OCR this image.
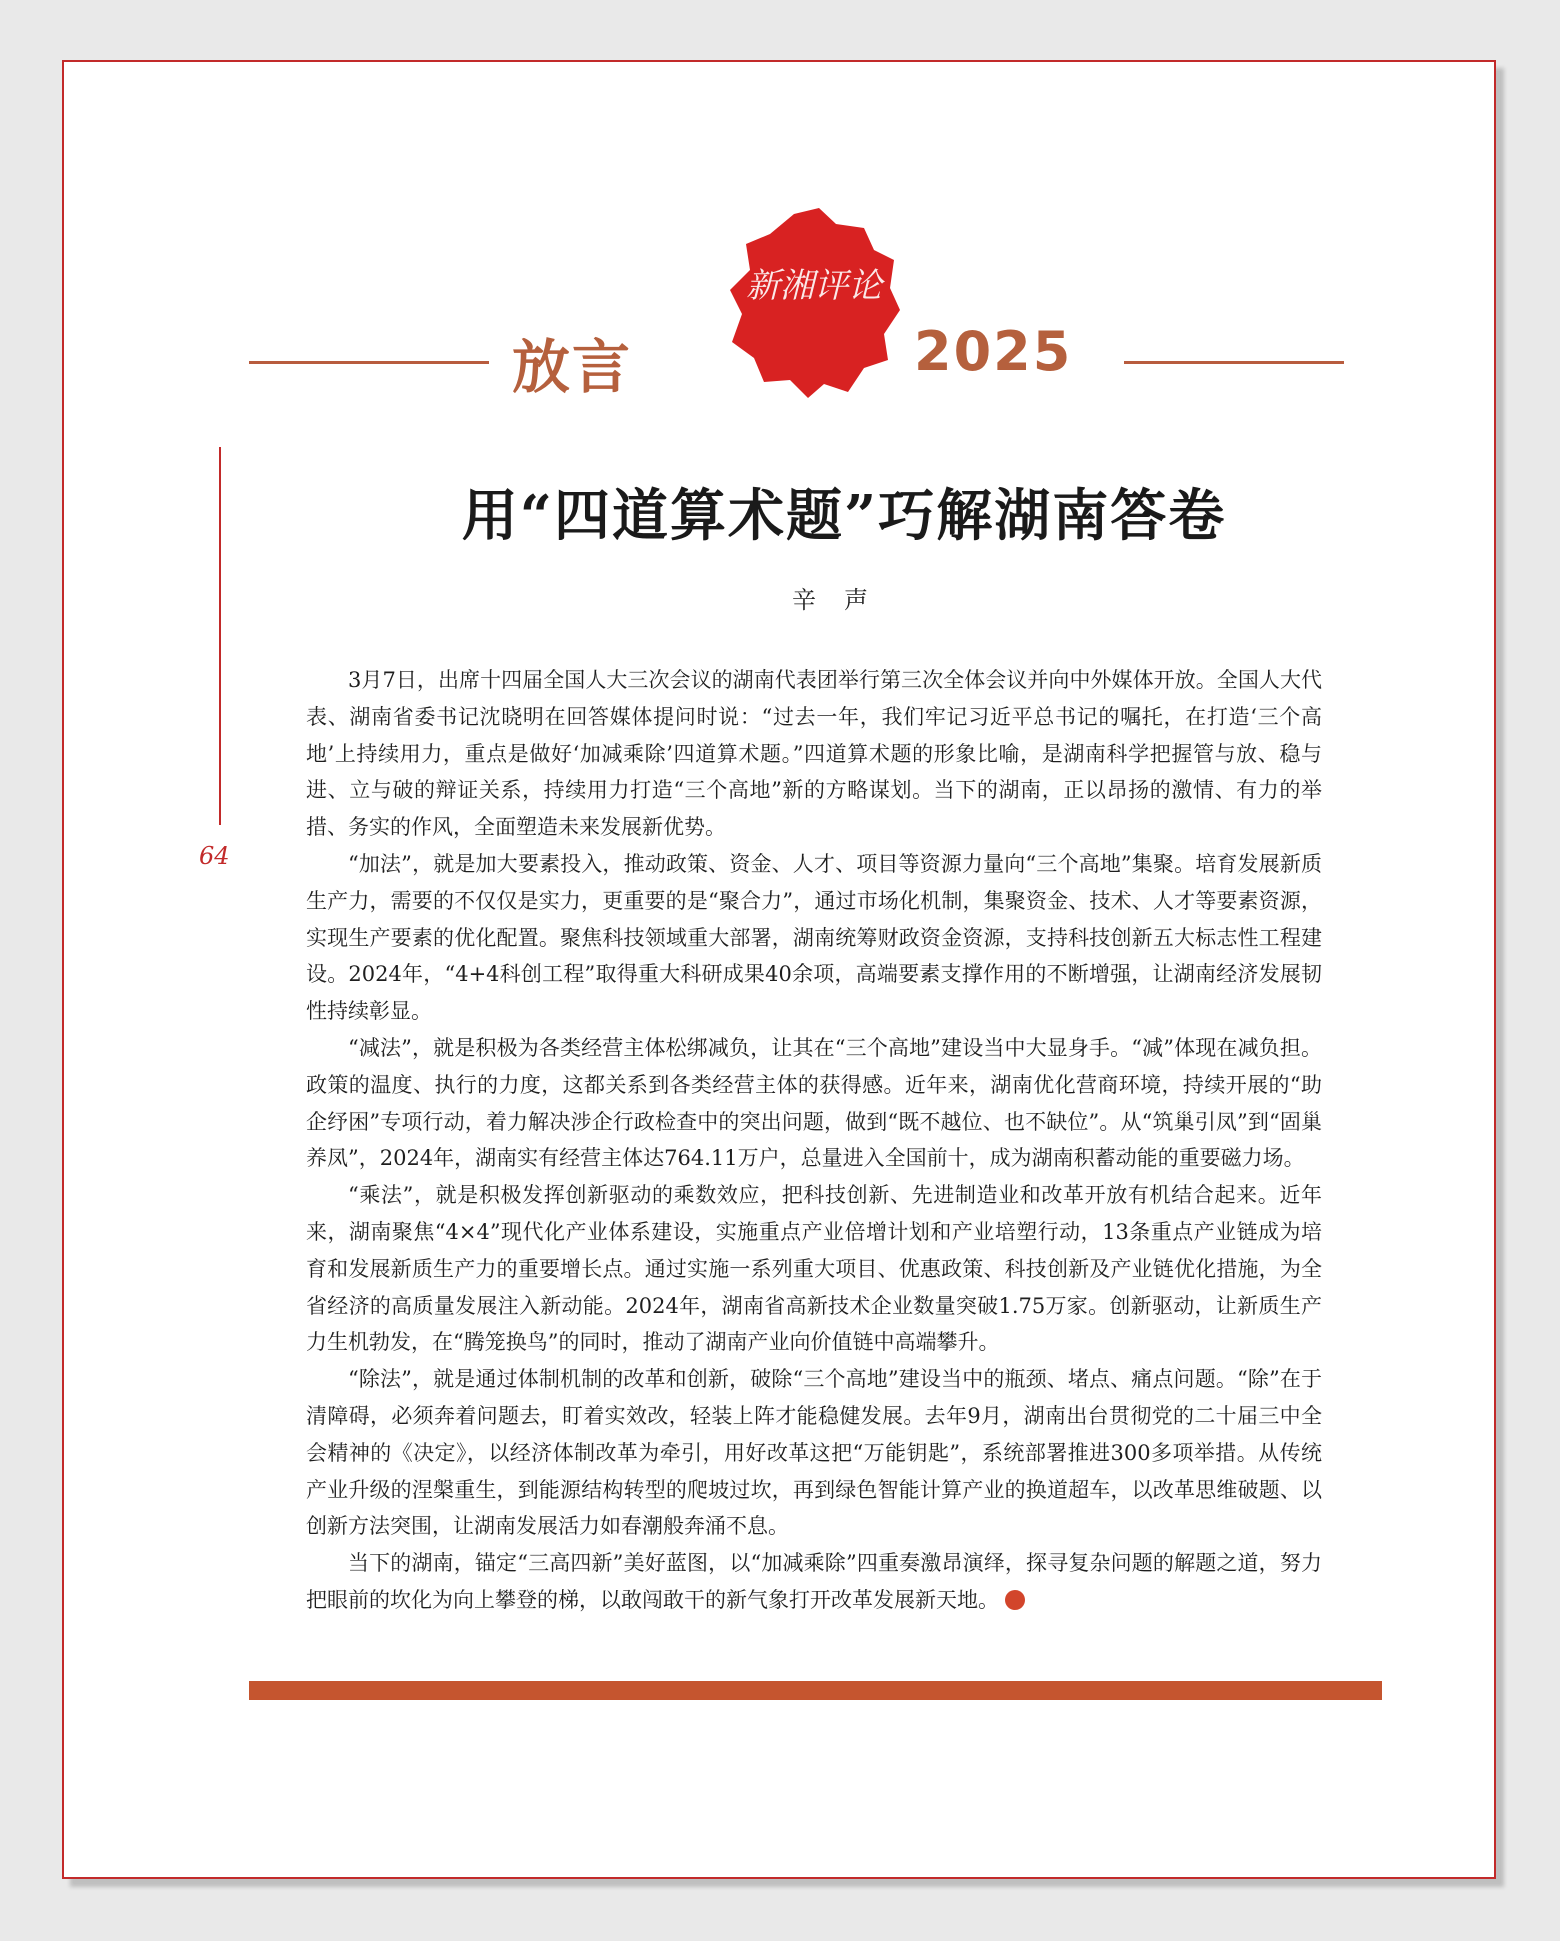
放言
新湘评论
2025
64
用“四道算术题”巧解湖南答卷
辛声

3月7日，出席十四届全国人大三次会议的湖南代表团举行第三次全体会议并向中外媒体开放。全国人大代表、湖南省委书记沈晓明在回答媒体提问时说：“过去一年，我们牢记习近平总书记的嘱托，在打造‘三个高地’上持续用力，重点是做好‘加减乘除’四道算术题。”四道算术题的形象比喻，是湖南科学把握管与放、稳与进、立与破的辩证关系，持续用力打造“三个高地”新的方略谋划。当下的湖南，正以昂扬的激情、有力的举措、务实的作风，全面塑造未来发展新优势。

“加法”，就是加大要素投入，推动政策、资金、人才、项目等资源力量向“三个高地”集聚。培育发展新质生产力，需要的不仅仅是实力，更重要的是“聚合力”，通过市场化机制，集聚资金、技术、人才等要素资源，实现生产要素的优化配置。聚焦科技领域重大部署，湖南统筹财政资金资源，支持科技创新五大标志性工程建设。2024年，“4+4科创工程”取得重大科研成果40余项，高端要素支撑作用的不断增强，让湖南经济发展韧性持续彰显。

“减法”，就是积极为各类经营主体松绑减负，让其在“三个高地”建设当中大显身手。“减”体现在减负担。政策的温度、执行的力度，这都关系到各类经营主体的获得感。近年来，湖南优化营商环境，持续开展的“助企纾困”专项行动，着力解决涉企行政检查中的突出问题，做到“既不越位、也不缺位”。从“筑巢引凤”到“固巢养凤”，2024年，湖南实有经营主体达764.11万户，总量进入全国前十，成为湖南积蓄动能的重要磁力场。

“乘法”，就是积极发挥创新驱动的乘数效应，把科技创新、先进制造业和改革开放有机结合起来。近年来，湖南聚焦“4×4”现代化产业体系建设，实施重点产业倍增计划和产业培塑行动，13条重点产业链成为培育和发展新质生产力的重要增长点。通过实施一系列重大项目、优惠政策、科技创新及产业链优化措施，为全省经济的高质量发展注入新动能。2024年，湖南省高新技术企业数量突破1.75万家。创新驱动，让新质生产力生机勃发，在“腾笼换鸟”的同时，推动了湖南产业向价值链中高端攀升。

“除法”，就是通过体制机制的改革和创新，破除“三个高地”建设当中的瓶颈、堵点、痛点问题。“除”在于清障碍，必须奔着问题去，盯着实效改，轻装上阵才能稳健发展。去年9月，湖南出台贯彻党的二十届三中全会精神的《决定》，以经济体制改革为牵引，用好改革这把“万能钥匙”，系统部署推进300多项举措。从传统产业升级的涅槃重生，到能源结构转型的爬坡过坎，再到绿色智能计算产业的换道超车，以改革思维破题、以创新方法突围，让湖南发展活力如春潮般奔涌不息。

当下的湖南，锚定“三高四新”美好蓝图，以“加减乘除”四重奏激昂演绎，探寻复杂问题的解题之道，努力把眼前的坎化为向上攀登的梯，以敢闯敢干的新气象打开改革发展新天地。
